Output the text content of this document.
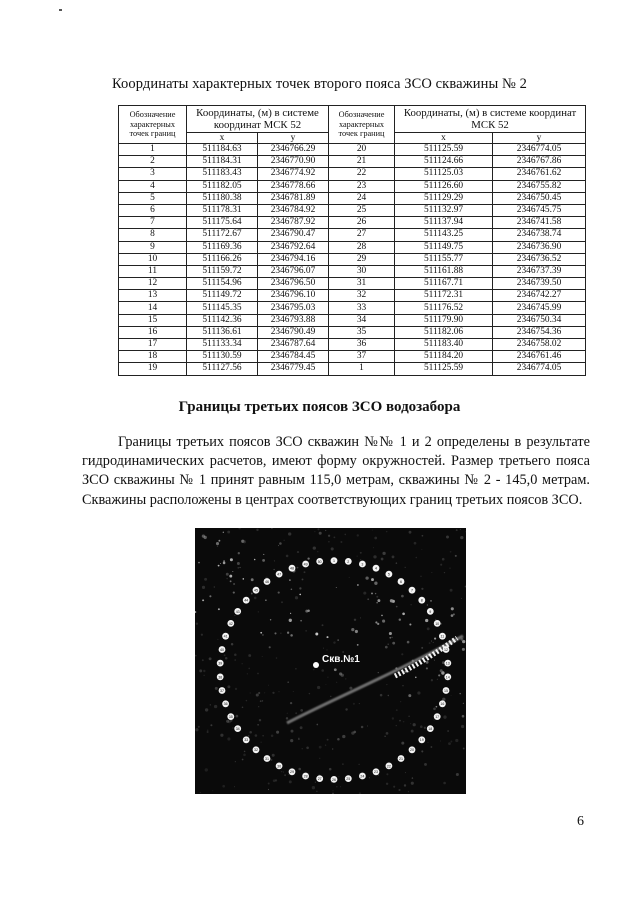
Координаты характерных точек второго пояса ЗСО скважины № 2
Обозначение характерных точек границ	Координаты, (м) в системе координат МСК 52		Обозначение характерных точек границ	Координаты, (м) в системе координат МСК 52	
	x	y		x	y
1	511184.63	2346766.29	20	511125.59	2346774.05
2	511184.31	2346770.90	21	511124.66	2346767.86
3	511183.43	2346774.92	22	511125.03	2346761.62
4	511182.05	2346778.66	23	511126.60	2346755.82
5	511180.38	2346781.89	24	511129.29	2346750.45
6	511178.31	2346784.92	25	511132.97	2346745.75
7	511175.64	2346787.92	26	511137.94	2346741.58
8	511172.67	2346790.47	27	511143.25	2346738.74
9	511169.36	2346792.64	28	511149.75	2346736.90
10	511166.26	2346794.16	29	511155.77	2346736.52
11	511159.72	2346796.07	30	511161.88	2346737.39
12	511154.96	2346796.50	31	511167.71	2346739.50
13	511149.72	2346796.10	32	511172.31	2346742.27
14	511145.35	2346795.03	33	511176.52	2346745.99
15	511142.36	2346793.88	34	511179.90	2346750.34
16	511136.61	2346790.49	35	511182.06	2346754.36
17	511133.34	2346787.64	36	511183.40	2346758.02
18	511130.59	2346784.45	37	511184.20	2346761.46
19	511127.56	2346779.45	1	511125.59	2346774.05
Границы третьих поясов ЗСО водозабора

Границы третьих поясов ЗСО скважин №№ 1 и 2 определены в результате гидродинамических расчетов, имеют форму окружностей. Размер третьего пояса ЗСО скважины № 1 принят равным 115,0 метрам, скважины № 2 - 145,0 метрам. Скважины расположены в центрах соответствующих границ третьих поясов ЗСО.

1	2
3
4
5
6
7
8
9
10
11
12
13
14
15
16
17
18
19
20
21
22
23
24
25
26
27
28
29
30
31
32
33
34
35
36
37
38
39
40
41
42
43
44
45
46
47
48
49
50
Скв.№1
6
